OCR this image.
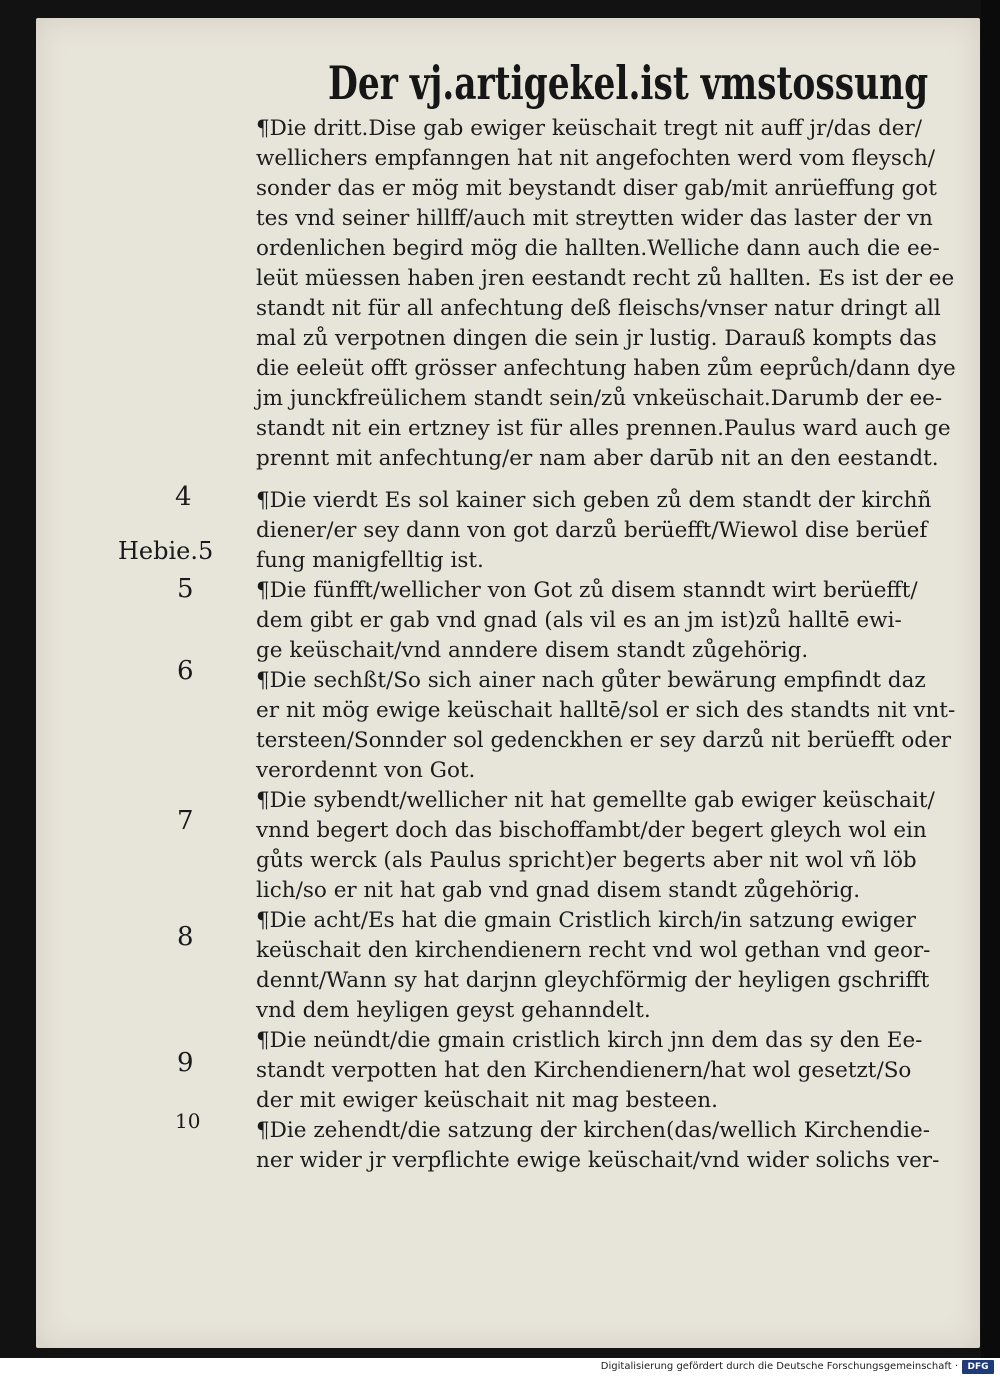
Der vj.artigekel.ist vmstossung
¶Die dritt.Dise gab ewiger keüschait tregt nit auff jr/das der/
wellichers empfanngen hat nit angefochten werd vom fleysch/
sonder das er mög mit beystandt diser gab/mit anrüeffung got
tes vnd seiner hillff/auch mit streytten wider das laster der vn
ordenlichen begird mög die hallten.Welliche dann auch die ee-
leüt müessen haben jren eestandt recht zů hallten. Es ist der ee
standt nit für all anfechtung deß fleischs/vnser natur dringt all
mal zů verpotnen dingen die sein jr lustig. Darauß kompts das
die eeleüt offt grösser anfechtung haben zům eeprůch/dann dye
jm junckfreülichem standt sein/zů vnkeüschait.Darumb der ee-
standt nit ein ertzney ist für alles prennen.Paulus ward auch ge
prennt mit anfechtung/er nam aber darūb nit an den eestandt.
¶Die vierdt Es sol kainer sich geben zů dem standt der kirchñ
diener/er sey dann von got darzů berüefft/Wiewol dise berüef
fung manigfelltig ist.
¶Die fünfft/wellicher von Got zů disem stanndt wirt berüefft/
dem gibt er gab vnd gnad (als vil es an jm ist)zů halltē ewi-
ge keüschait/vnd anndere disem standt zůgehörig.
¶Die sechßt/So sich ainer nach gůter bewärung empfindt daz
er nit mög ewige keüschait halltē/sol er sich des standts nit vnt-
tersteen/Sonnder sol gedenckhen er sey darzů nit berüefft oder
verordennt von Got.
¶Die sybendt/wellicher nit hat gemellte gab ewiger keüschait/
vnnd begert doch das bischoffambt/der begert gleych wol ein
gůts werck (als Paulus spricht)er begerts aber nit wol vñ löb
lich/so er nit hat gab vnd gnad disem standt zůgehörig.
¶Die acht/Es hat die gmain Cristlich kirch/in satzung ewiger
keüschait den kirchendienern recht vnd wol gethan vnd geor-
dennt/Wann sy hat darjnn gleychförmig der heyligen gschrifft
vnd dem heyligen geyst gehanndelt.
¶Die neündt/die gmain cristlich kirch jnn dem das sy den Ee-
standt verpotten hat den Kirchendienern/hat wol gesetzt/So
der mit ewiger keüschait nit mag besteen.
¶Die zehendt/die satzung der kirchen(das/wellich Kirchendie-
ner wider jr verpflichte ewige keüschait/vnd wider solichs ver-
4
Hebie.5
5
6
7
8
9
10
Digitalisierung gefördert durch die Deutsche Forschungsgemeinschaft ·	DFG
